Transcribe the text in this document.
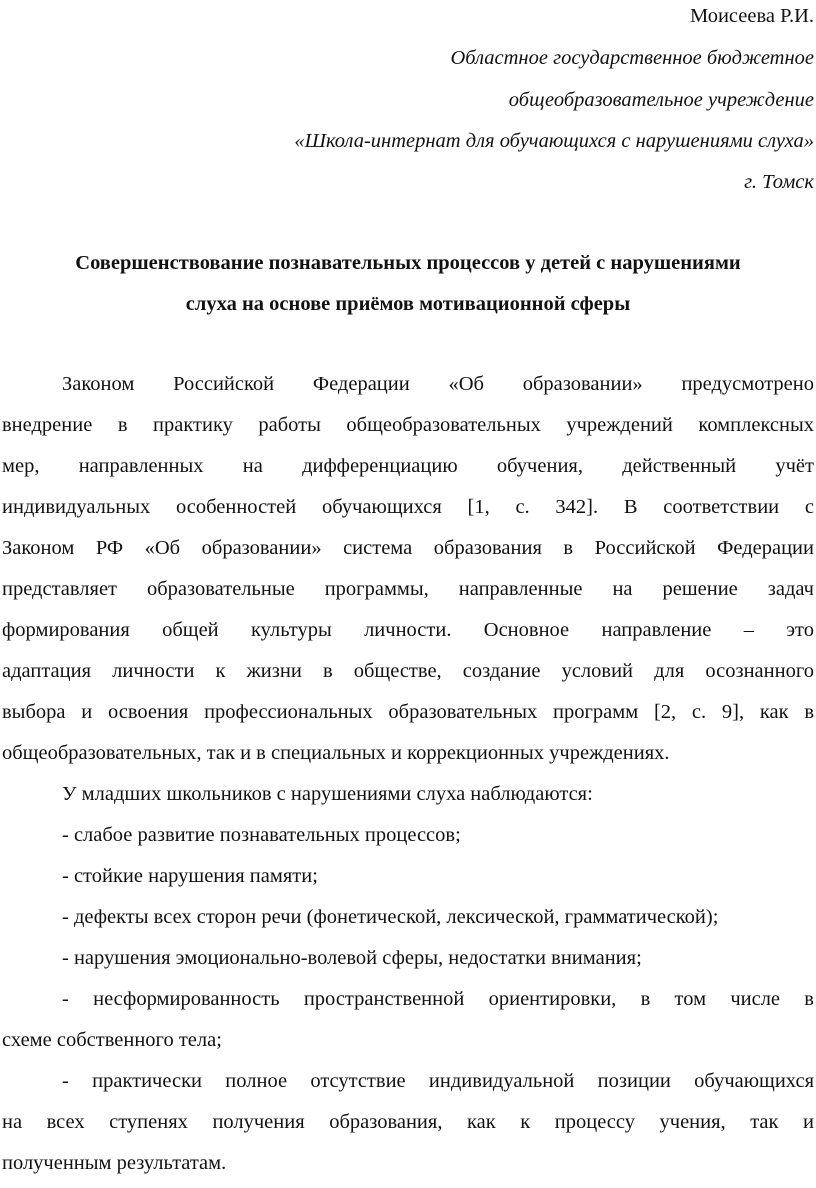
Моисеева Р.И.
Областное государственное бюджетное
общеобразовательное учреждение
«Школа-интернат для обучающихся с нарушениями слуха»
г. Томск
Совершенствование познавательных процессов у детей с нарушениями
слуха на основе приёмов мотивационной сферы
Законом Российской Федерации «Об образовании» предусмотрено
внедрение в практику работы общеобразовательных учреждений комплексных
мер, направленных на дифференциацию обучения, действенный учёт
индивидуальных особенностей обучающихся [1, с. 342]. В соответствии с
Законом РФ «Об образовании» система образования в Российской Федерации
представляет образовательные программы, направленные на решение задач
формирования общей культуры личности. Основное направление – это
адаптация личности к жизни в обществе, создание условий для осознанного
выбора и освоения профессиональных образовательных программ [2, с. 9], как в
общеобразовательных, так и в специальных и коррекционных учреждениях.
У младших школьников с нарушениями слуха наблюдаются:
- слабое развитие познавательных процессов;
- стойкие нарушения памяти;
- дефекты всех сторон речи (фонетической, лексической, грамматической);
- нарушения эмоционально-волевой сферы, недостатки внимания;
- несформированность пространственной ориентировки, в том числе в
схеме собственного тела;
- практически полное отсутствие индивидуальной позиции обучающихся
на всех ступенях получения образования, как к процессу учения, так и
полученным результатам.
